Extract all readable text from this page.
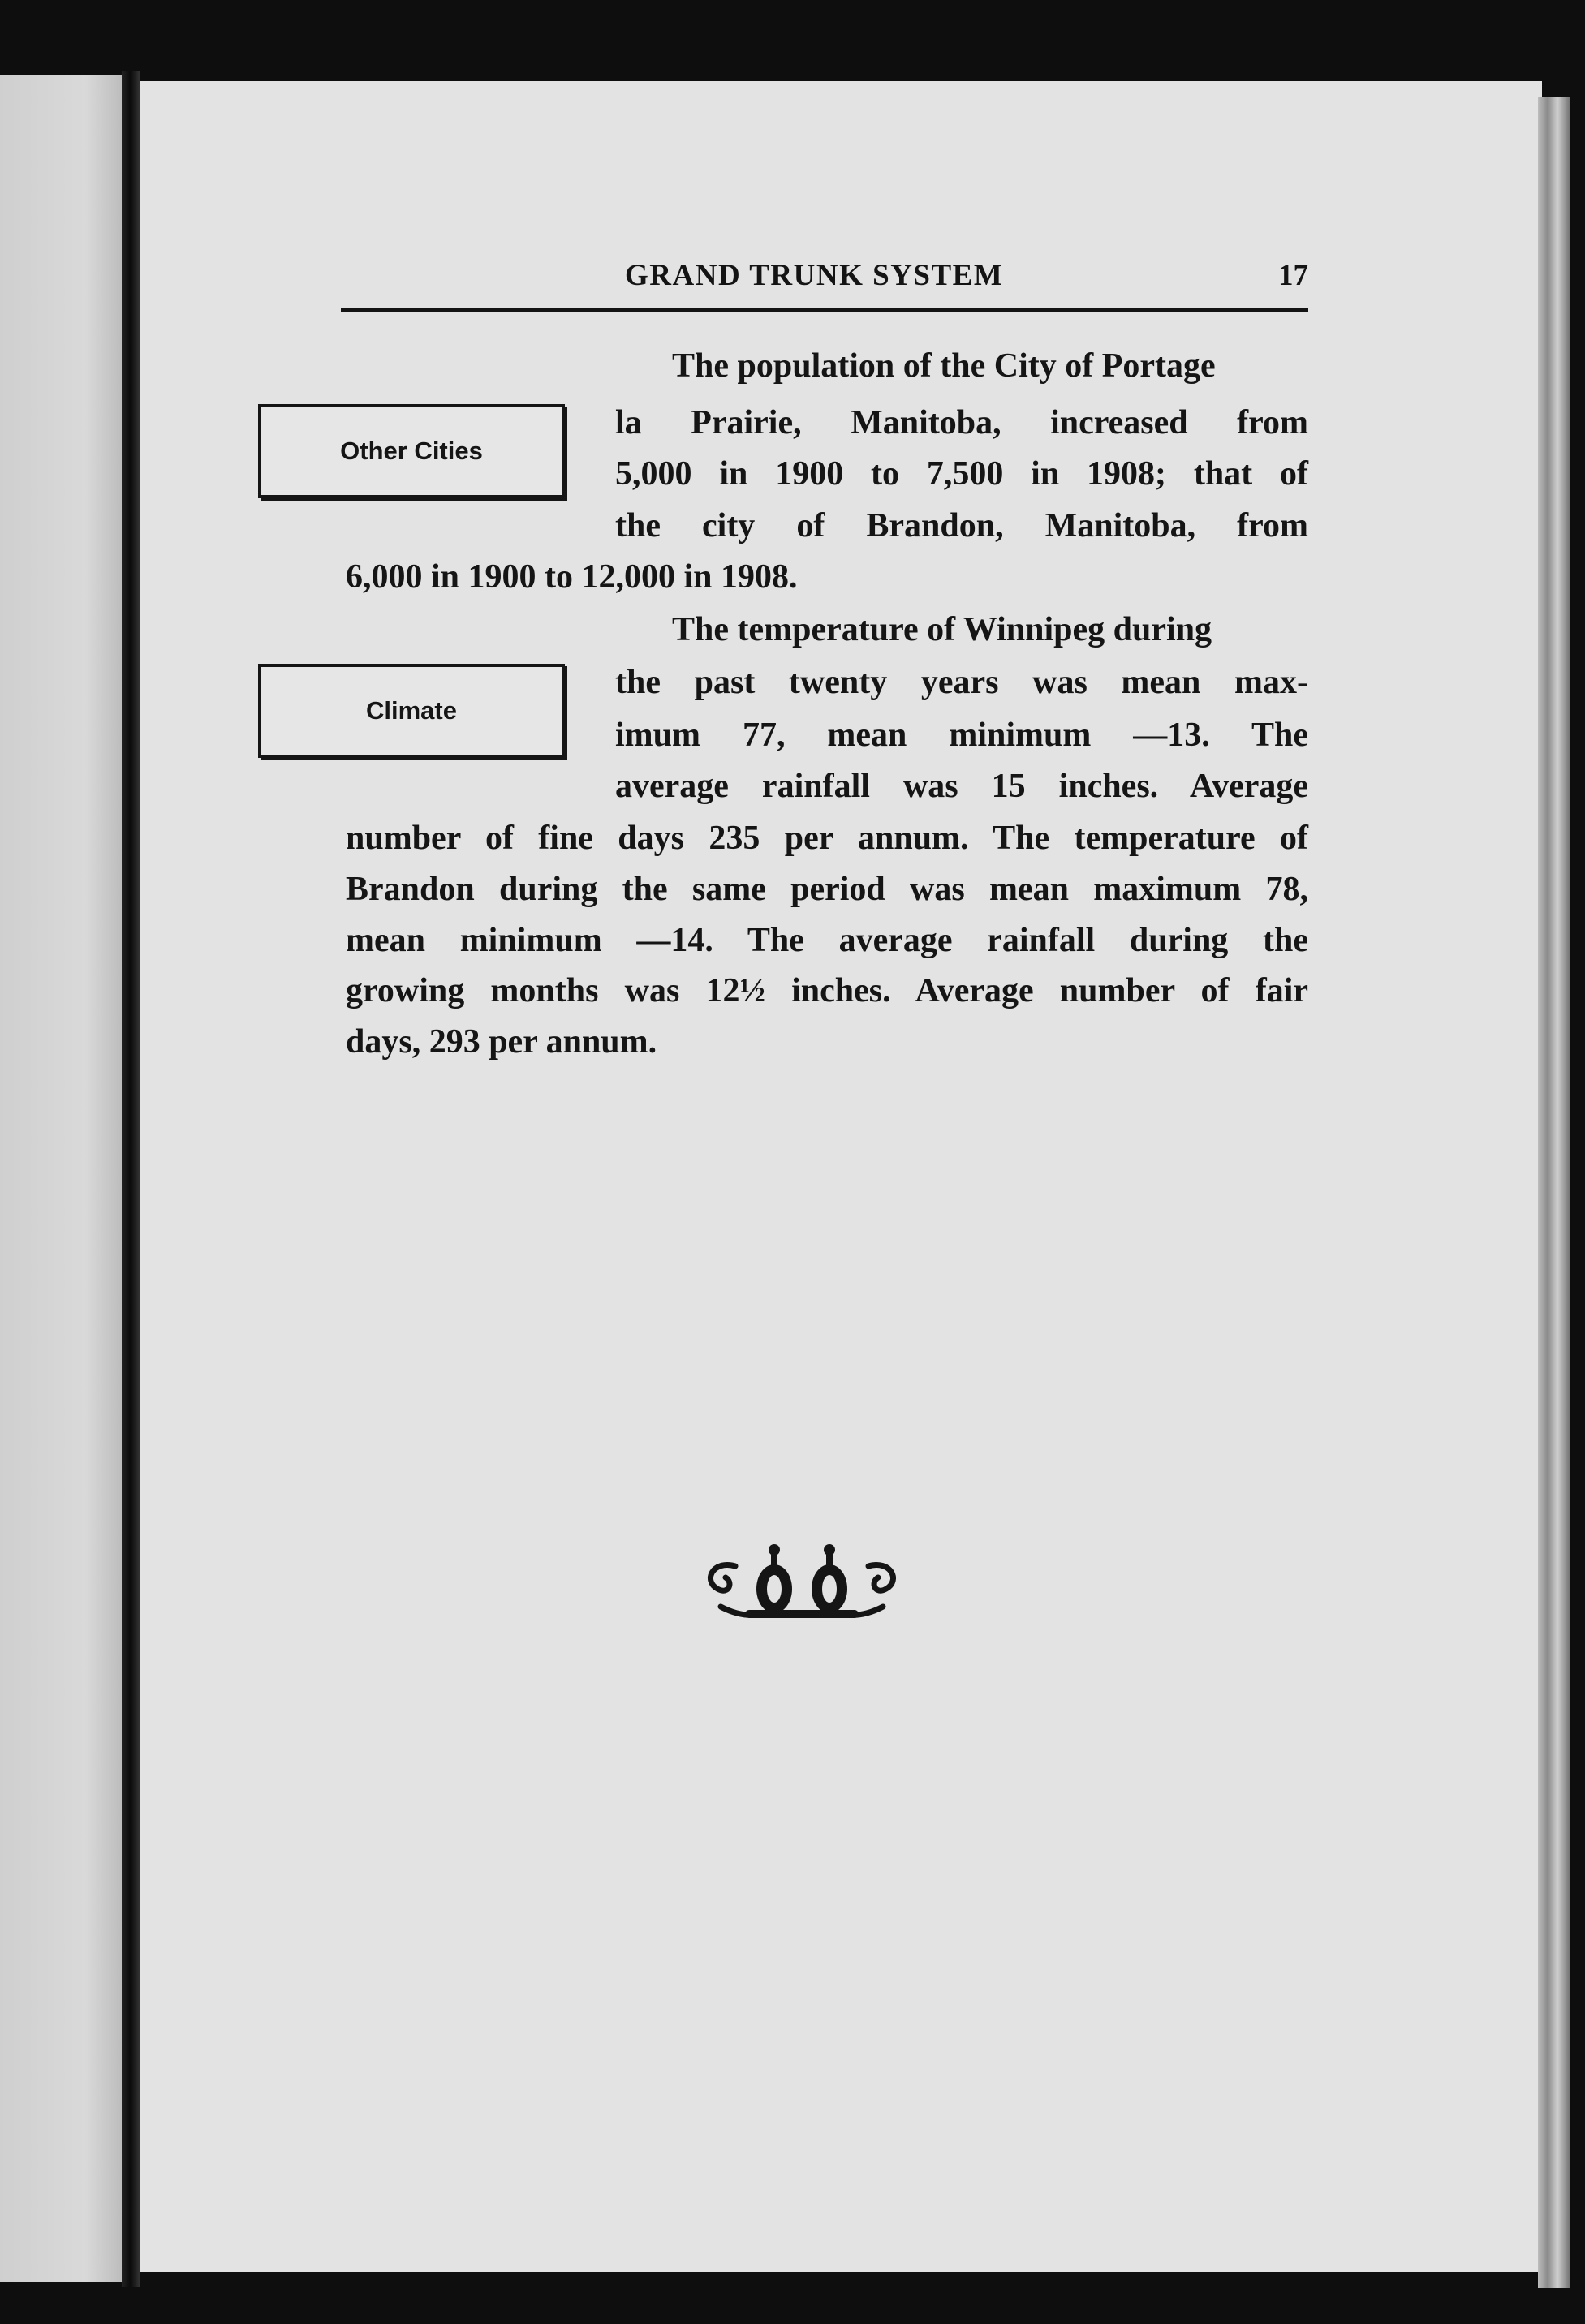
GRAND TRUNK SYSTEM	17
Other Cities
Climate
The population of the City of Portage
la Prairie, Manitoba, increased from
5,000 in 1900 to 7,500 in 1908; that of
the city of Brandon, Manitoba, from
6,000 in 1900 to 12,000 in 1908.
The temperature of Winnipeg during
the past twenty years was mean max-
imum 77, mean minimum —13. The
average rainfall was 15 inches. Average
number of fine days 235 per annum. The temperature of
Brandon during the same period was mean maximum 78,
mean minimum —14. The average rainfall during the
growing months was 12½ inches. Average number of fair
days, 293 per annum.
